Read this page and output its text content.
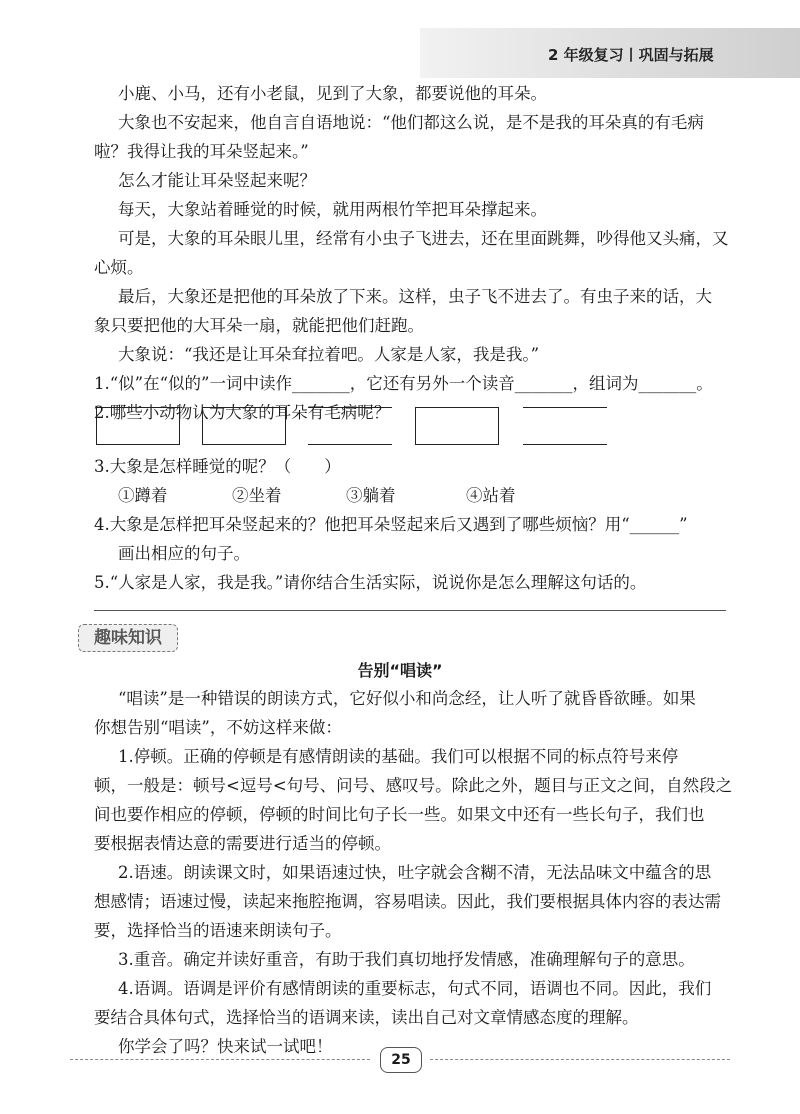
2 年级复习丨巩固与拓展
小鹿、小马，还有小老鼠，见到了大象，都要说他的耳朵。
大象也不安起来，他自言自语地说：“他们都这么说，是不是我的耳朵真的有毛病
啦？我得让我的耳朵竖起来。”
怎么才能让耳朵竖起来呢？
每天，大象站着睡觉的时候，就用两根竹竿把耳朵撑起来。
可是，大象的耳朵眼儿里，经常有小虫子飞进去，还在里面跳舞，吵得他又头痛，又
心烦。
最后，大象还是把他的耳朵放了下来。这样，虫子飞不进去了。有虫子来的话，大
象只要把他的大耳朵一扇，就能把他们赶跑。
大象说：“我还是让耳朵耷拉着吧。人家是人家，我是我。”
1.“似”在“似的”一词中读作_______，它还有另外一个读音_______，组词为_______。
2.哪些小动物认为大象的耳朵有毛病呢？
3.大象是怎样睡觉的呢？（　　）
①蹲着	②坐着	③躺着	④站着
4.大象是怎样把耳朵竖起来的？他把耳朵竖起来后又遇到了哪些烦恼？用“______”
画出相应的句子。
5.“人家是人家，我是我。”请你结合生活实际，说说你是怎么理解这句话的。
趣味知识
告别“唱读”
“唱读”是一种错误的朗读方式，它好似小和尚念经，让人听了就昏昏欲睡。如果
你想告别“唱读”，不妨这样来做：
1.停顿。正确的停顿是有感情朗读的基础。我们可以根据不同的标点符号来停
顿，一般是：顿号<逗号<句号、问号、感叹号。除此之外，题目与正文之间，自然段之
间也要作相应的停顿，停顿的时间比句子长一些。如果文中还有一些长句子，我们也
要根据表情达意的需要进行适当的停顿。
2.语速。朗读课文时，如果语速过快，吐字就会含糊不清，无法品味文中蕴含的思
想感情；语速过慢，读起来拖腔拖调，容易唱读。因此，我们要根据具体内容的表达需
要，选择恰当的语速来朗读句子。
3.重音。确定并读好重音，有助于我们真切地抒发情感，准确理解句子的意思。
4.语调。语调是评价有感情朗读的重要标志，句式不同，语调也不同。因此，我们
要结合具体句式，选择恰当的语调来读，读出自己对文章情感态度的理解。
你学会了吗？快来试一试吧！
25
